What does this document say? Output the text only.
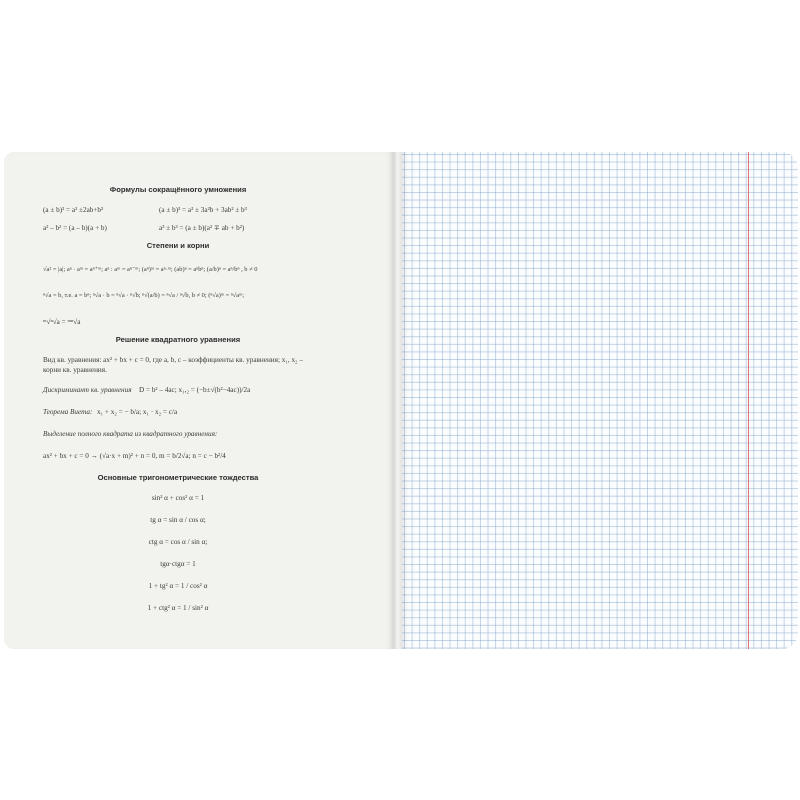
Формулы сокращённого умножения
(a ± b)² = a² ±2ab+b²	(a ± b)³ = a³ ± 3a²b + 3ab² ± b³
a² – b² = (a – b)(a + b)	a³ ± b³ = (a ± b)(a² ∓ ab + b²)
Степени и корни
√a² = |a|; aⁿ · aᵐ = aⁿ⁺ᵐ; aⁿ : aᵐ = aⁿ⁻ᵐ; (aⁿ)ᵐ = aⁿ·ᵐ; (ab)ⁿ = aⁿbⁿ; (a/b)ⁿ = aⁿ/bⁿ , b ≠ 0
ⁿ√a = b, т.е. a = bⁿ; ⁿ√a · b = ⁿ√a · ⁿ√b; ⁿ√(a/b) = ⁿ√a / ⁿ√b, b ≠ 0; (ⁿ√a)ᵐ = ⁿ√aᵐ;
ᵐ√ⁿ√a = ᵐⁿ√a
Решение квадратного уравнения
Вид кв. уравнения: ax² + bx + c = 0, где a, b, c – коэффициенты кв. уравнения; x₁, x₂ –
корни кв. уравнения.
Дискриминант кв. уравнения D = b² – 4ac; x₁,₂ = (−b±√(b²−4ac))/2a
Теорема Виета: x₁ + x₂ = − b/a; x₁ · x₂ = c/a
Выделение полного квадрата из квадратного уравнения:
ax² + bx + c = 0 → (√a·x + m)² + n = 0, m = b/2√a; n = c − b²/4
Основные тригонометрические тождества
sin² α + cos² α = 1
tg α = sin α / cos α;
ctg α = cos α / sin α;
tgα·ctgα = 1
1 + tg² α = 1 / cos² α
1 + ctg² α = 1 / sin² α
